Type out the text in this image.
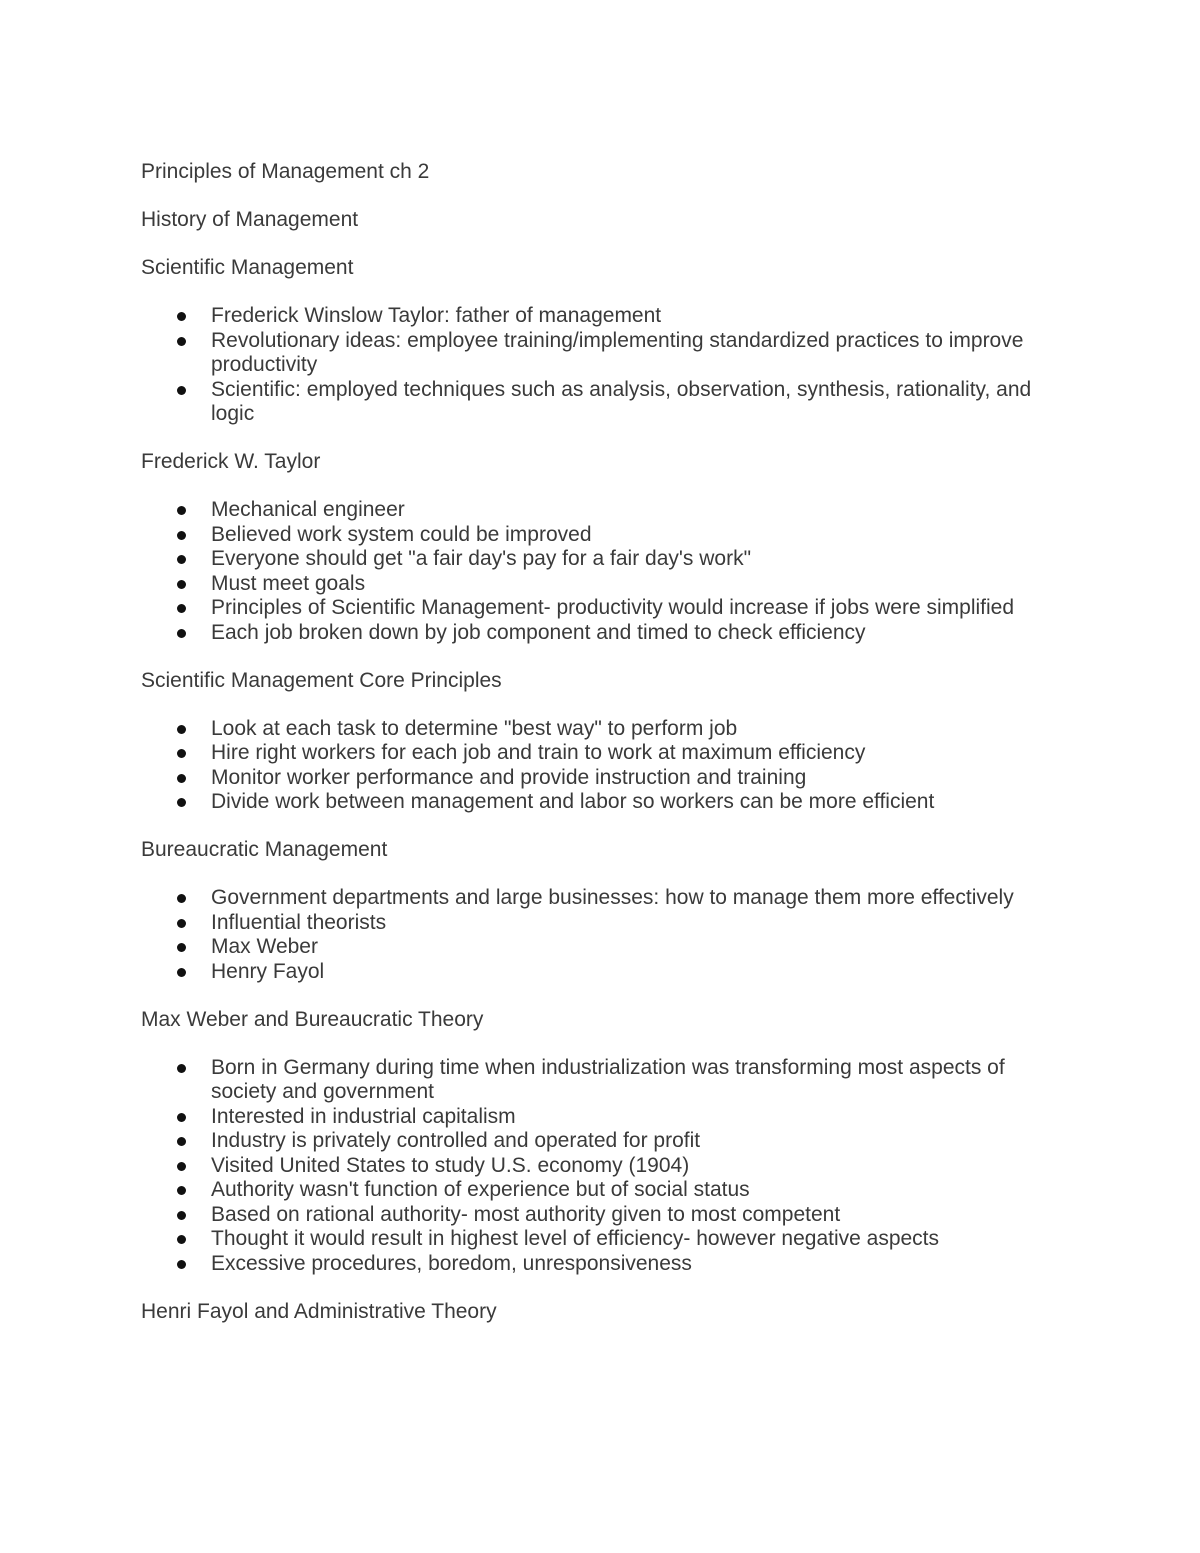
Principles of Management ch 2
History of Management
Scientific Management
Frederick Winslow Taylor: father of management
Revolutionary ideas: employee training/implementing standardized practices to improve productivity
Scientific: employed techniques such as analysis, observation, synthesis, rationality, and logic
Frederick W. Taylor
Mechanical engineer
Believed work system could be improved
Everyone should get "a fair day's pay for a fair day's work"
Must meet goals
Principles of Scientific Management- productivity would increase if jobs were simplified
Each job broken down by job component and timed to check efficiency
Scientific Management Core Principles
Look at each task to determine "best way" to perform job
Hire right workers for each job and train to work at maximum efficiency
Monitor worker performance and provide instruction and training
Divide work between management and labor so workers can be more efficient
Bureaucratic Management
Government departments and large businesses: how to manage them more effectively
Influential theorists
Max Weber
Henry Fayol
Max Weber and Bureaucratic Theory
Born in Germany during time when industrialization was transforming most aspects of society and government
Interested in industrial capitalism
Industry is privately controlled and operated for profit
Visited United States to study U.S. economy (1904)
Authority wasn't function of experience but of social status
Based on rational authority- most authority given to most competent
Thought it would result in highest level of efficiency- however negative aspects
Excessive procedures, boredom, unresponsiveness
Henri Fayol and Administrative Theory
